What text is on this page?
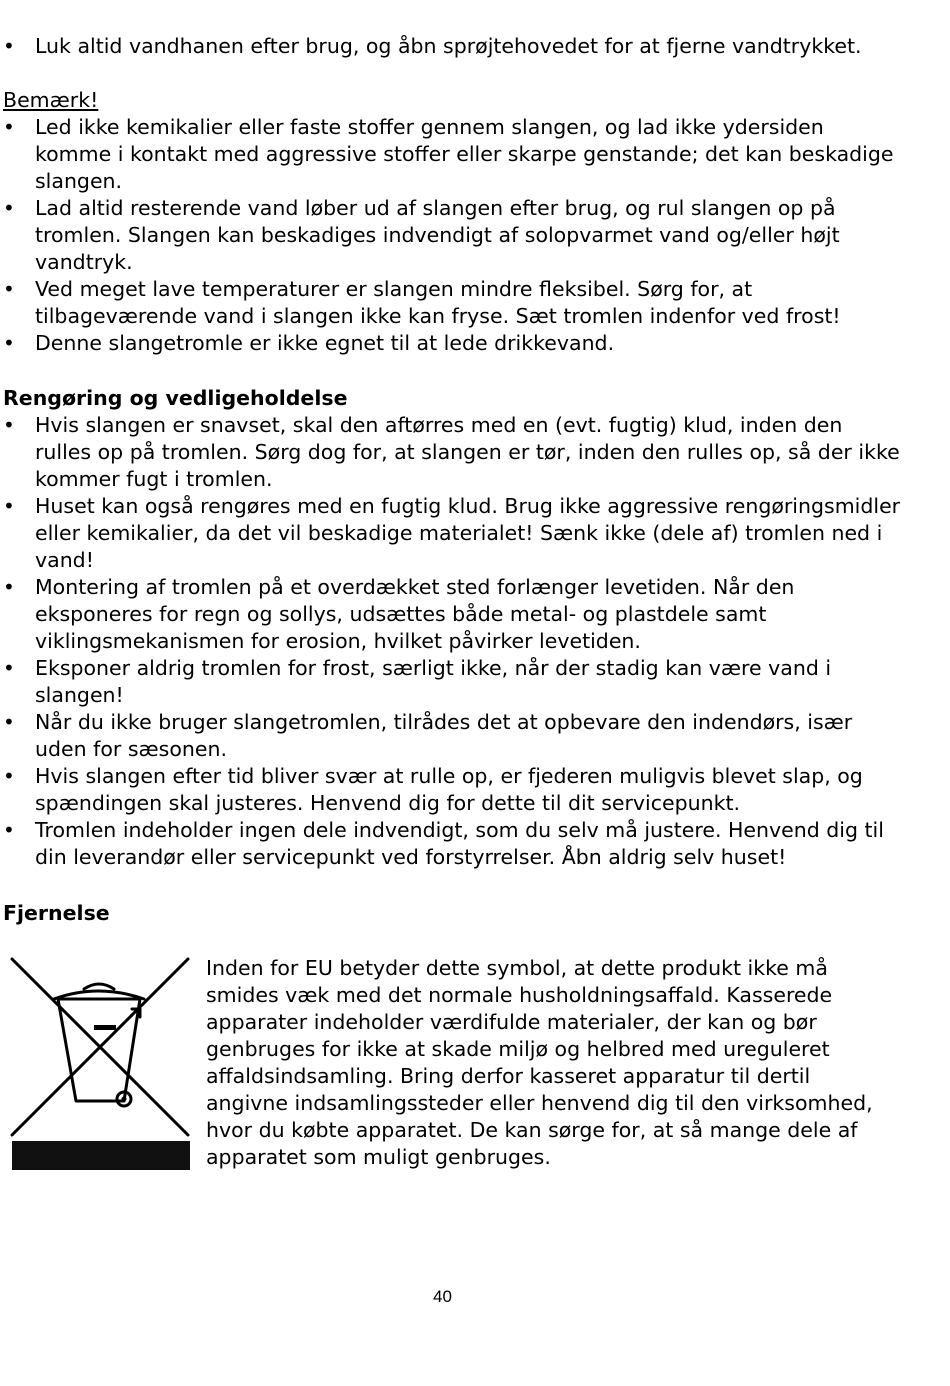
• Luk altid vandhanen efter brug, og åbn sprøjtehovedet for at fjerne vandtrykket.
Bemærk!
• Led ikke kemikalier eller faste stoffer gennem slangen, og lad ikke ydersiden komme i kontakt med aggressive stoffer eller skarpe genstande; det kan beskadige slangen.
• Lad altid resterende vand løber ud af slangen efter brug, og rul slangen op på tromlen. Slangen kan beskadiges indvendigt af solopvarmet vand og/eller højt vandtryk.
• Ved meget lave temperaturer er slangen mindre fleksibel. Sørg for, at tilbageværende vand i slangen ikke kan fryse. Sæt tromlen indenfor ved frost!
• Denne slangetromle er ikke egnet til at lede drikkevand.
Rengøring og vedligeholdelse
• Hvis slangen er snavset, skal den aftørres med en (evt. fugtig) klud, inden den rulles op på tromlen. Sørg dog for, at slangen er tør, inden den rulles op, så der ikke kommer fugt i tromlen.
• Huset kan også rengøres med en fugtig klud. Brug ikke aggressive rengøringsmidler eller kemikalier, da det vil beskadige materialet! Sænk ikke (dele af) tromlen ned i vand!
• Montering af tromlen på et overdækket sted forlænger levetiden. Når den eksponeres for regn og sollys, udsættes både metal- og plastdele samt viklingsmekanismen for erosion, hvilket påvirker levetiden.
• Eksponer aldrig tromlen for frost, særligt ikke, når der stadig kan være vand i slangen!
• Når du ikke bruger slangetromlen, tilrådes det at opbevare den indendørs, især uden for sæsonen.
• Hvis slangen efter tid bliver svær at rulle op, er fjederen muligvis blevet slap, og spændingen skal justeres. Henvend dig for dette til dit servicepunkt.
• Tromlen indeholder ingen dele indvendigt, som du selv må justere. Henvend dig til din leverandør eller servicepunkt ved forstyrrelser. Åbn aldrig selv huset!
Fjernelse
Inden for EU betyder dette symbol, at dette produkt ikke må smides væk med det normale husholdningsaffald. Kasserede apparater indeholder værdifulde materialer, der kan og bør genbruges for ikke at skade miljø og helbred med ureguleret affaldsindsamling. Bring derfor kasseret apparatur til dertil angivne indsamlingssteder eller henvend dig til den virksomhed, hvor du købte apparatet. De kan sørge for, at så mange dele af apparatet som muligt genbruges.
40
